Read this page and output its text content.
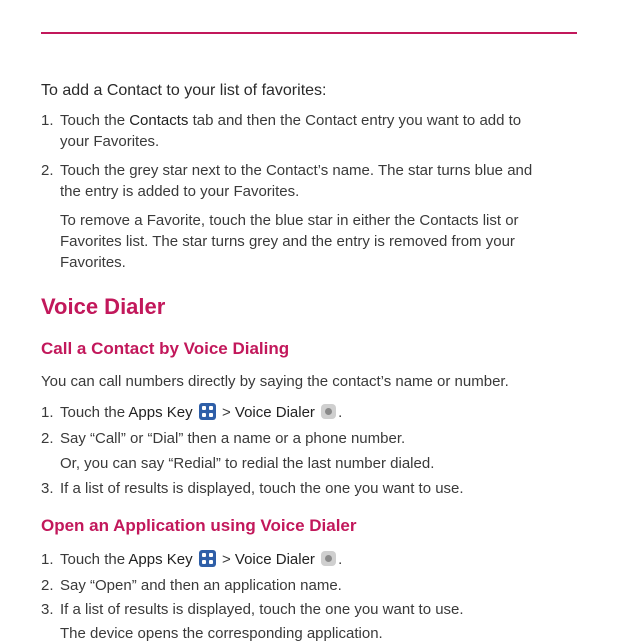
To add a Contact to your list of favorites:

1. Touch the Contacts tab and then the Contact entry you want to add to
your Favorites.
2. Touch the grey star next to the Contact’s name. The star turns blue and
the entry is added to your Favorites.
To remove a Favorite, touch the blue star in either the Contacts list or
Favorites list. The star turns grey and the entry is removed from your
Favorites.
Voice Dialer
Call a Contact by Voice Dialing

You can call numbers directly by saying the contact’s name or number.

1. Touch the Apps Key
> Voice Dialer .
2. Say “Call” or “Dial” then a name or a phone number.
Or, you can say “Redial” to redial the last number dialed.
3. If a list of results is displayed, touch the one you want to use.
Open an Application using Voice Dialer
1. Touch the Apps Key
> Voice Dialer .
2. Say “Open” and then an application name.
3. If a list of results is displayed, touch the one you want to use.
The device opens the corresponding application.
